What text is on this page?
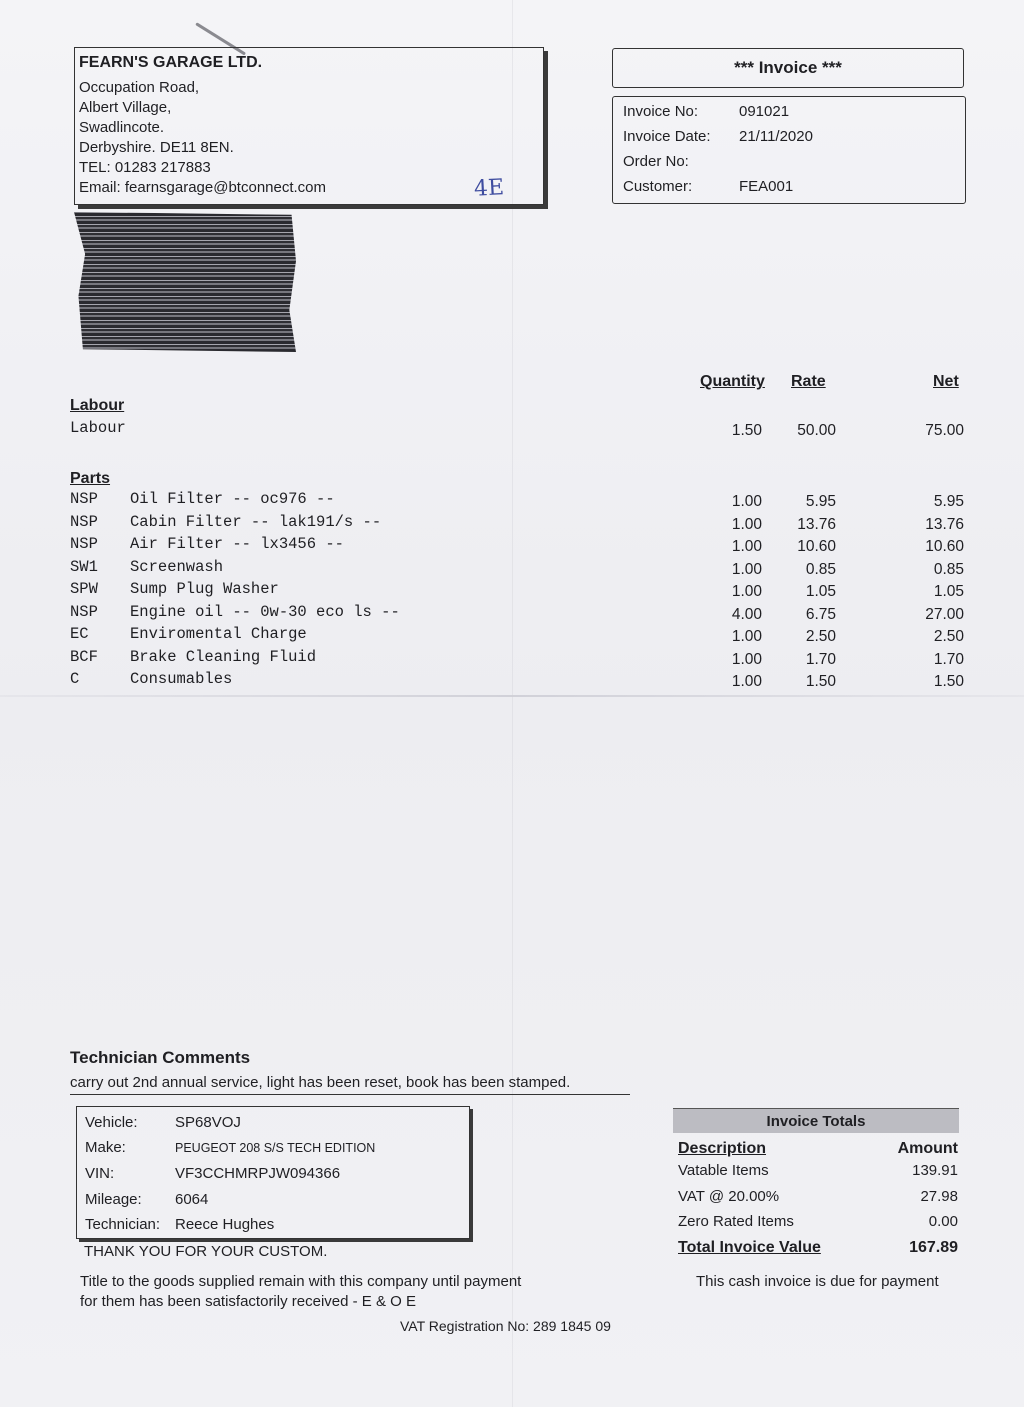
FEARN'S GARAGE LTD.
Occupation Road,
Albert Village,
Swadlincote.
Derbyshire. DE11 8EN.
TEL: 01283 217883
Email: fearnsgarage@btconnect.com	4E
*** Invoice ***
Invoice No:	091021
Invoice Date: 21/11/2020
Order No:
Customer:	FEA001
Quantity Rate	Net
Labour
Labour	1.50	50.00	75.00
Parts
NSP Oil Filter -- oc976 --	1.00	5.95	5.95
NSP Cabin Filter -- lak191/s --	1.00	13.76	13.76
NSP Air Filter -- lx3456 --	1.00	10.60	10.60
SW1 Screenwash	1.00	0.85	0.85
SPW Sump Plug Washer	1.00	1.05	1.05
NSP Engine oil -- 0w-30 eco ls --	4.00	6.75	27.00
EC	Enviromental Charge	1.00	2.50	2.50
BCF Brake Cleaning Fluid	1.00	1.70	1.70
C	Consumables	1.00	1.50	1.50
Technician Comments
carry out 2nd annual service, light has been reset, book has been stamped.
Vehicle: SP68VOJ
Make:	PEUGEOT 208 S/S TECH EDITION
VIN:	VF3CCHMRPJW094366
Mileage: 6064
Technician: Reece Hughes
THANK YOU FOR YOUR CUSTOM.
Title to the goods supplied remain with this company until payment
for them has been satisfactorily received - E & O E
VAT Registration No: 289 1845 09
Invoice Totals
Description	Amount
Vatable Items	139.91
VAT @ 20.00%	27.98
Zero Rated Items	0.00
Total Invoice Value	167.89
This cash invoice is due for payment
